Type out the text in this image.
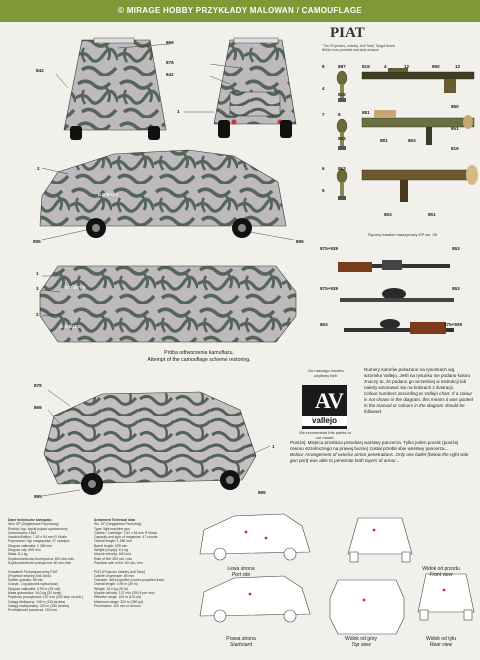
© MIRAGE HOBBY PRZYKŁADY MALOWAN / CAMOUFLAGE
869
842
876
842
1
2
895	895
KUBUS
1
3
2
KUBUS
KUBUS
Próba odtworzenia kamuflażu.
Attempt of the camouflage scheme restoring.
PIAT
"The Projectors, infantry, Anti Tank" Spigot Bomb
British man-portable anti-tank weapon
8	887	819	4	12	850	12
4
819
881	863
850
851
7	8
863
881
819
6	863
5
863	851
Ręczny karabin maszynowy DP wz. 28
875+939	863
875+939	863
863	875+939
Do naszego modelu użyliśmy farb:
AV
vallejo
We recommend this paints to our model.
Numery kolorów pokazane na rysunkach wg. wzornika Vallejo. Jeśli na rysunku nie podano koloru znaczy to, że podano go wcześniej w instrukcji lub należy wzorować się na kolorach z ilustracji.
Colour numbers according to Vallejo chart. If a colour is not shown in the diagram, this means it was quoted in the manual or colours in the diagram should be followed.
878
869
1
895
895
Poniżej: Miejsca przebicia przedniej warstwy pancerza. Tylko jeden pocisk (poniżej otworu strzelniczego na prawej burcie) został przebił obie warstwy pancerza...
Below: Arrangement of exterior armor penetrations. Only one bullet (below the right side gun port) was able to penetrate both layers of armor...
Dane techniczne samopału
Wóz OP (Deglieriowa Pzychoiwg)
Rodzaj / typ: ciężki pojazd opancerzony
Zmarnowano 1944
Karabin/Kalibry: 7,62 x 54 mm R Mosin
Pojemność / typ magazynka: 47 nabojów
Długość całkowita: 1 286 mm
Długość lufy: 605 mm
Masa: 8,4 kg
Szybkostrzelność teoretyczna: 600 strz./min
Szybkostrzelność praktyczna: 80 strz./min

Granatnik Przeciwpancerny PIAT
(Projektor infantry Anti-Tank)
Kaliber granatu: 89 mm
Granat: 1 kg ładunek wybuchowy
Długość całkowita: 0,99 m (39 cali)
Masa granatnika: 15,0 kg (32 funty)
Prędkość początkowa: 137 m/s (250 stóp na sek.)
Zasięg efektywny: 105 m (115 jardów)
Zasięg maksymalny: 320 m (350 jardów)
Przebijalność pancerza: 100 mm
Armament Technical data
Wz. DP (Degtyariew Pechotniy)
Type: light machine gun
Calibre / Cartridge: 7,62 x 54 mm R Mosin
Capacity and type of magazine: 47 rounds
Overall length: 1 286 mm
Barrel length: 605 mm
Weight (empty): 8,4 kg
Muzzle velocity: 840 m/s
Rate of fire: 600 rds / min
Practical rate of fire: 80 rds / min

PIAT (Projector Infantry Anti Tank)
Calibre of grenade: 89 mm
Grenade: self-propelled (rocket propelled fuse)
Overall length: 0,99 m (39 in)
Weight: 15,0 kg (32 lb)
Muzzle velocity: 137 m/s (250 ft per sec)
Effective range: 105 m (115 yd)
Maximum range: 320 m (350 yd)
Penetration: 100 mm of armour
Lewa strona
Port site
Widok od przodu
Front view
Prawa strona
Starboard
Widok od góry
Top view
Widok od tyłu
Rear view
